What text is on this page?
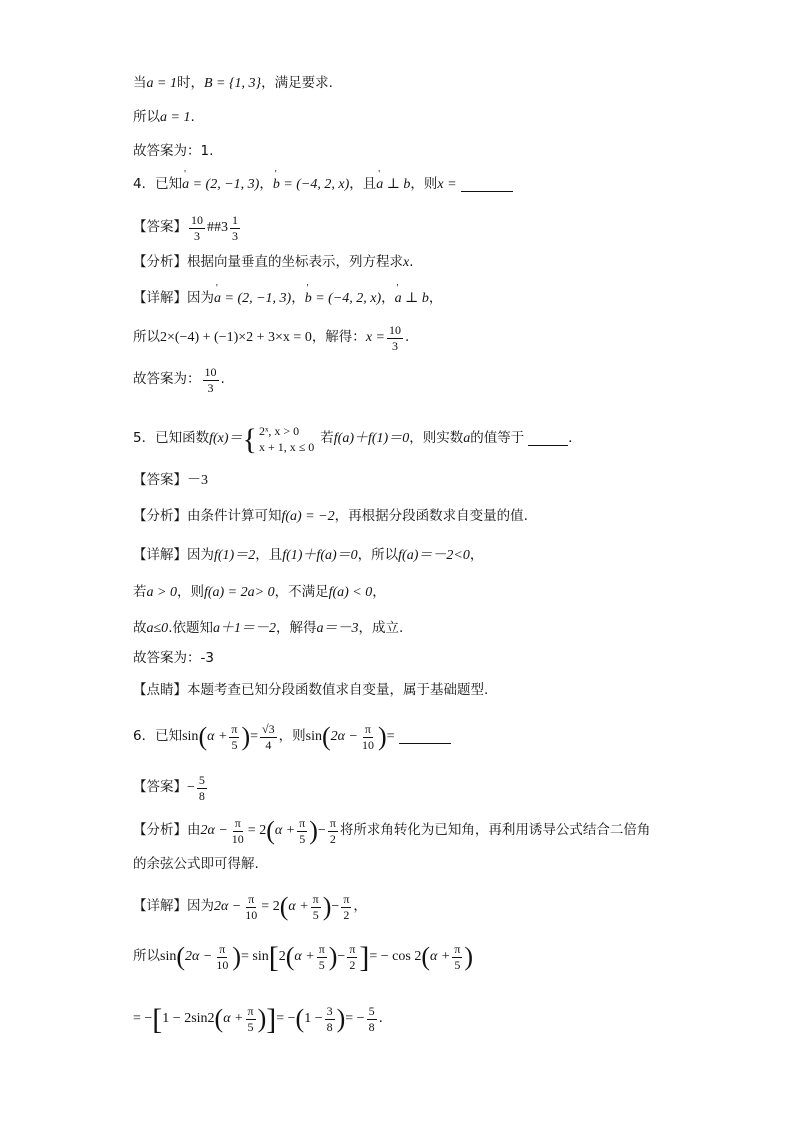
当 a = 1 时， B = {1, 3} ，满足要求.
所以 a = 1 .
故答案为：1.
4．已知 ' a = (2, −1, 3) ， ' b = (−4, 2, x) ，且 ' a ⊥ b ，则 x =
【答案】 $\frac{10}{3}$ ## $3 \frac{1}{3}$
【分析】 根据向量垂直的坐标表示，列方程求 x .
【详解】 因为 ' a = (2, −1, 3) ， ' b = (−4, 2, x) ， ' a ⊥ b ，
所以 2×(−4) + (−1)×2 + 3×x = 0 ，解得： $x = \frac{10}{3}$ .
故答案为： $\frac{10}{3}$ .
5．已知函数 f(x)＝ { 2ˣ, x > 0
x + 1, x ≤ 0
若 f(a)＋f(1)＝0 ，则实数 a 的值等于	．
【答案】 －3
【分析】 由条件计算可知 f(a) = −2 ，再根据分段函数求自变量的值.
【详解】 因为 f(1)＝2 ，且 f(1)＋f(a)＝0 ，所以 f(a)＝－2<0 ，
若 a > 0 ，则 f(a) = 2 a > 0 ，不满足 f(a) < 0 ，
故 a≤0 .依题知 a＋1＝－2 ，解得 a＝－3 ，成立.
故答案为：-3
【点睛】 本题考查已知分段函数值求自变量，属于基础题型.
6．已知 sin ( $\alpha + \frac{\pi}{5}$ ) = $\frac{√3}{4}$ ，则 sin ( $2\alpha - \frac{\pi}{10}$ ) =
【答案】 − $\frac{5}{8}$
【分析】 由 $2\alpha - \frac{\pi}{10} = 2$ ( $\alpha + \frac{\pi}{5}$ ) − $\frac{\pi}{2}$ 将所求角转化为已知角，再利用诱导公式结合二倍角
的余弦公式即可得解.
【详解】 因为 $2\alpha - \frac{\pi}{10} = 2$ ( $\alpha + \frac{\pi}{5}$ ) − $\frac{\pi}{2}$ ，
所以 sin ( $2\alpha - \frac{\pi}{10}$ ) = sin [ 2 ( $\alpha + \frac{\pi}{5}$ ) − $\frac{\pi}{2}$ ] = − cos 2 ( $\alpha + \frac{\pi}{5}$ )
= − [ 1 − 2sin 2 ( $\alpha + \frac{\pi}{5}$ ) ] = − ( $1 - \frac{3}{8}$ ) = − $\frac{5}{8}$ .
